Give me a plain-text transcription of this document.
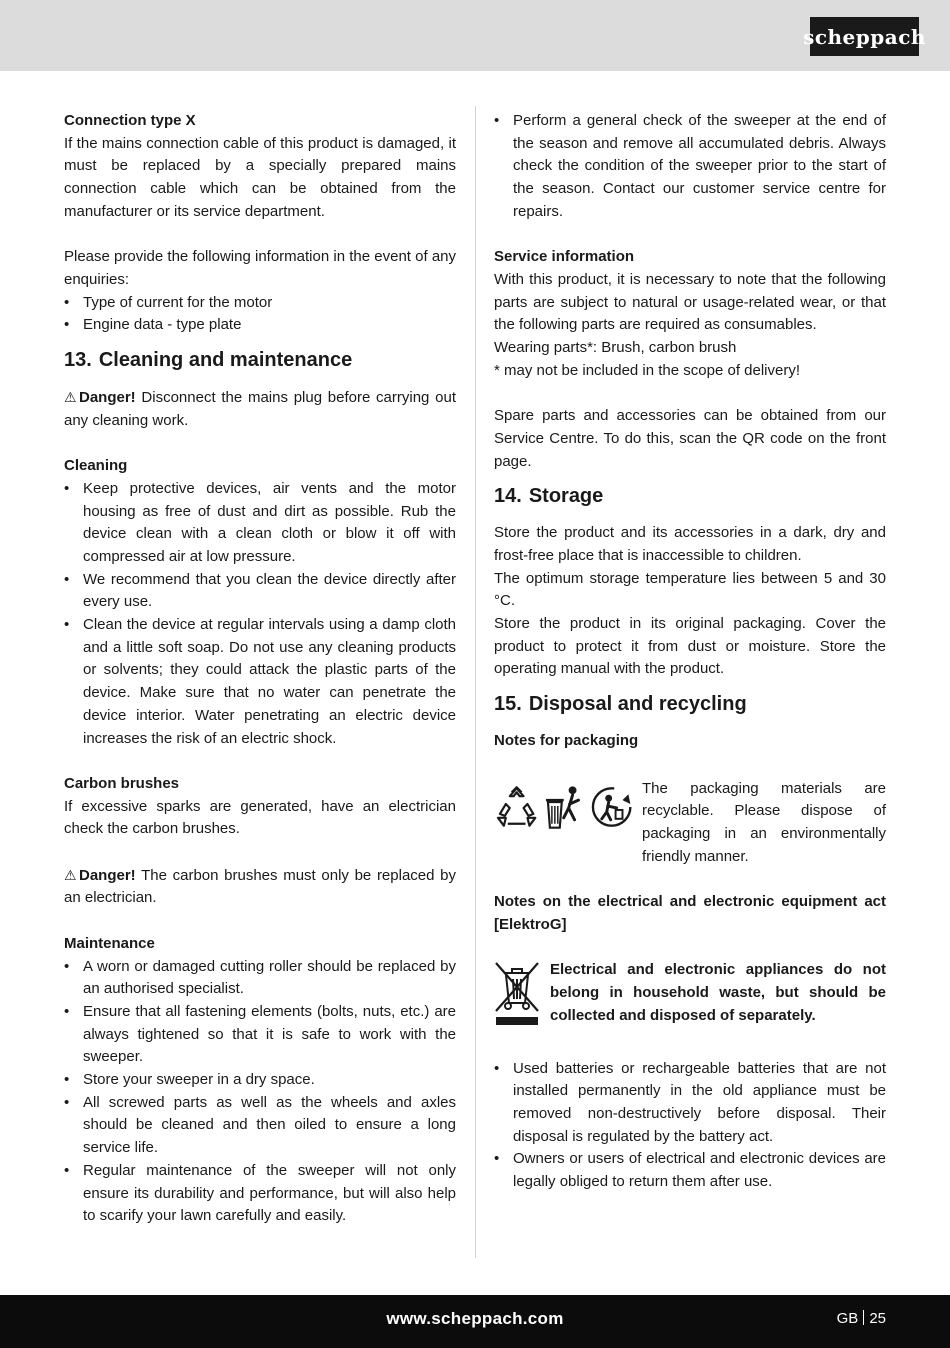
scheppach

Connection type X

If the mains connection cable of this product is damaged, it must be replaced by a specially prepared mains connection cable which can be obtained from the manufacturer or its service department.

Please provide the following information in the event of any enquiries:

• Type of current for the motor
• Engine data - type plate
13. Cleaning and maintenance

⚠ Danger! Disconnect the mains plug before carrying out any cleaning work.

Cleaning

• Keep protective devices, air vents and the motor housing as free of dust and dirt as possible. Rub the device clean with a clean cloth or blow it off with compressed air at low pressure.
• We recommend that you clean the device directly after every use.
• Clean the device at regular intervals using a damp cloth and a little soft soap. Do not use any cleaning products or solvents; they could attack the plastic parts of the device. Make sure that no water can penetrate the device interior. Water penetrating an electric device increases the risk of an electric shock.

Carbon brushes

If excessive sparks are generated, have an electrician check the carbon brushes.

⚠ Danger! The carbon brushes must only be replaced by an electrician.

Maintenance

• A worn or damaged cutting roller should be replaced by an authorised specialist.
• Ensure that all fastening elements (bolts, nuts, etc.) are always tightened so that it is safe to work with the sweeper.
• Store your sweeper in a dry space.
• All screwed parts as well as the wheels and axles should be cleaned and then oiled to ensure a long service life.
• Regular maintenance of the sweeper will not only ensure its durability and performance, but will also help to scarify your lawn carefully and easily.
• Perform a general check of the sweeper at the end of the season and remove all accumulated debris. Always check the condition of the sweeper prior to the start of the season. Contact our customer service centre for repairs.

Service information

With this product, it is necessary to note that the following parts are subject to natural or usage-related wear, or that the following parts are required as consumables.

Wearing parts*: Brush, carbon brush

* may not be included in the scope of delivery!

Spare parts and accessories can be obtained from our Service Centre. To do this, scan the QR code on the front page.

14. Storage

Store the product and its accessories in a dark, dry and frost-free place that is inaccessible to children.

The optimum storage temperature lies between 5 and 30 °C.

Store the product in its original packaging. Cover the product to protect it from dust or moisture. Store the operating manual with the product.

15. Disposal and recycling

Notes for packaging

The packaging materials are recyclable. Please dispose of packaging in an environmentally friendly manner.

Notes on the electrical and electronic equipment act [ElektroG]

Electrical and electronic appliances do not belong in household waste, but should be collected and disposed of separately.
• Used batteries or rechargeable batteries that are not installed permanently in the old appliance must be removed non-destructively before disposal. Their disposal is regulated by the battery act.
• Owners or users of electrical and electronic devices are legally obliged to return them after use.
www.scheppach.com	GB 25
